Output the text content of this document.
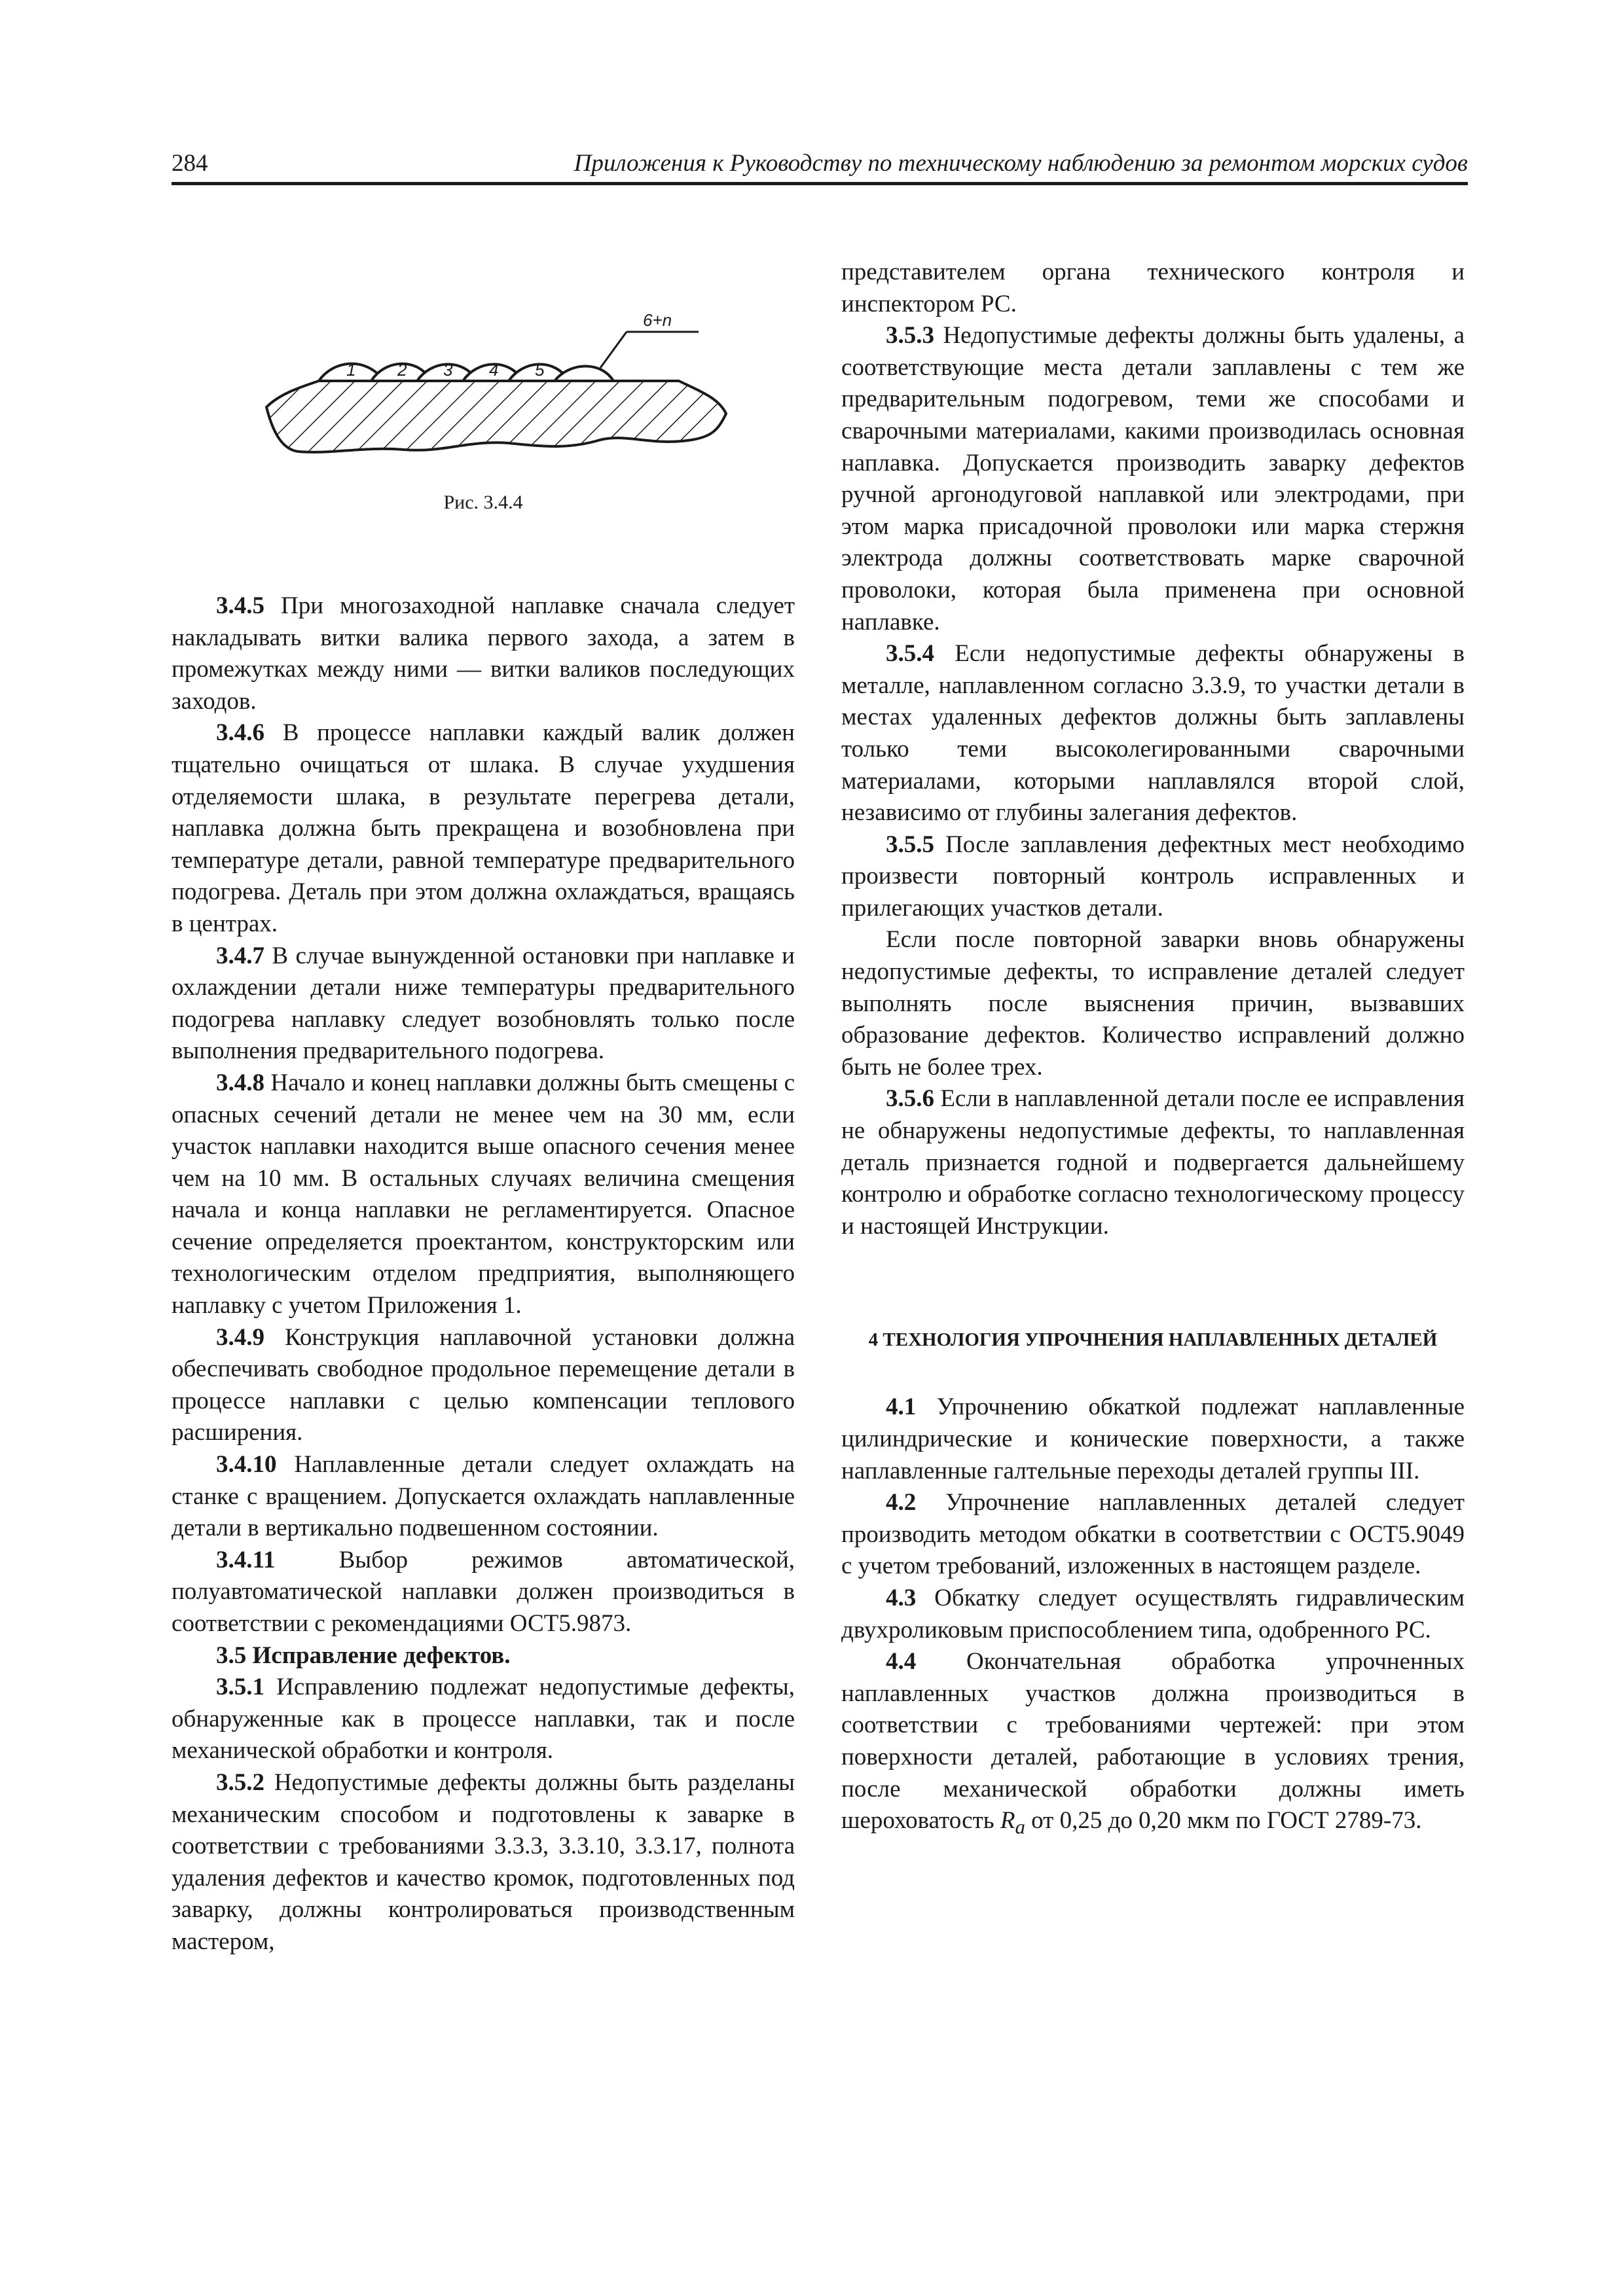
284	Приложения к Руководству по техническому наблюдению за ремонтом морских судов
1 2 3 4 5
6+n
Рис. 3.4.4

3.4.5 При многозаходной наплавке сначала следует накладывать витки валика первого захода, а затем в промежутках между ними — витки валиков последующих заходов.

3.4.6 В процессе наплавки каждый валик должен тщательно очищаться от шлака. В случае ухудшения отделяемости шлака, в результате перегрева детали, наплавка должна быть прекращена и возобновлена при температуре детали, равной температуре предварительного подогрева. Деталь при этом должна охлаждаться, вращаясь в центрах.

3.4.7 В случае вынужденной остановки при наплавке и охлаждении детали ниже температуры предварительного подогрева наплавку следует возобновлять только после выполнения предварительного подогрева.

3.4.8 Начало и конец наплавки должны быть смещены с опасных сечений детали не менее чем на 30 мм, если участок наплавки находится выше опасного сечения менее чем на 10 мм. В остальных случаях величина смещения начала и конца наплавки не регламентируется. Опасное сечение определяется проектантом, конструкторским или технологическим отделом предприятия, выполняющего наплавку с учетом Приложения 1.

3.4.9 Конструкция наплавочной установки должна обеспечивать свободное продольное перемещение детали в процессе наплавки с целью компенсации теплового расширения.

3.4.10 Наплавленные детали следует охлаждать на станке с вращением. Допускается охлаждать наплавленные детали в вертикально подвешенном состоянии.

3.4.11 Выбор режимов автоматической, полуавтоматической наплавки должен производиться в соответствии с рекомендациями ОСТ5.9873.

3.5 Исправление дефектов.

3.5.1 Исправлению подлежат недопустимые дефекты, обнаруженные как в процессе наплавки, так и после механической обработки и контроля.

3.5.2 Недопустимые дефекты должны быть разделаны механическим способом и подготовлены к заварке в соответствии с требованиями 3.3.3, 3.3.10, 3.3.17, полнота удаления дефектов и качество кромок, подготовленных под заварку, должны контролироваться производственным мастером,

представителем органа технического контроля и инспектором РС.

3.5.3 Недопустимые дефекты должны быть удалены, а соответствующие места детали заплавлены с тем же предварительным подогревом, теми же способами и сварочными материалами, какими производилась основная наплавка. Допускается производить заварку дефектов ручной аргонодуговой наплавкой или электродами, при этом марка присадочной проволоки или марка стержня электрода должны соответствовать марке сварочной проволоки, которая была применена при основной наплавке.

3.5.4 Если недопустимые дефекты обнаружены в металле, наплавленном согласно 3.3.9, то участки детали в местах удаленных дефектов должны быть заплавлены только теми высоколегированными сварочными материалами, которыми наплавлялся второй слой, независимо от глубины залегания дефектов.

3.5.5 После заплавления дефектных мест необходимо произвести повторный контроль исправленных и прилегающих участков детали.

Если после повторной заварки вновь обнаружены недопустимые дефекты, то исправление деталей следует выполнять после выяснения причин, вызвавших образование дефектов. Количество исправлений должно быть не более трех.

3.5.6 Если в наплавленной детали после ее исправления не обнаружены недопустимые дефекты, то наплавленная деталь признается годной и подвергается дальнейшему контролю и обработке согласно технологическому процессу и настоящей Инструкции.

4 ТЕХНОЛОГИЯ УПРОЧНЕНИЯ НАПЛАВЛЕННЫХ ДЕТАЛЕЙ

4.1 Упрочнению обкаткой подлежат наплавленные цилиндрические и конические поверхности, а также наплавленные галтельные переходы деталей группы III.

4.2 Упрочнение наплавленных деталей следует производить методом обкатки в соответствии с ОСТ5.9049 с учетом требований, изложенных в настоящем разделе.

4.3 Обкатку следует осуществлять гидравлическим двухроликовым приспособлением типа, одобренного РС.

4.4 Окончательная обработка упрочненных наплавленных участков должна производиться в соответствии с требованиями чертежей: при этом поверхности деталей, работающие в условиях трения, после механической обработки должны иметь шероховатость $R_a$ от 0,25 до 0,20 мкм по ГОСТ 2789-73.
